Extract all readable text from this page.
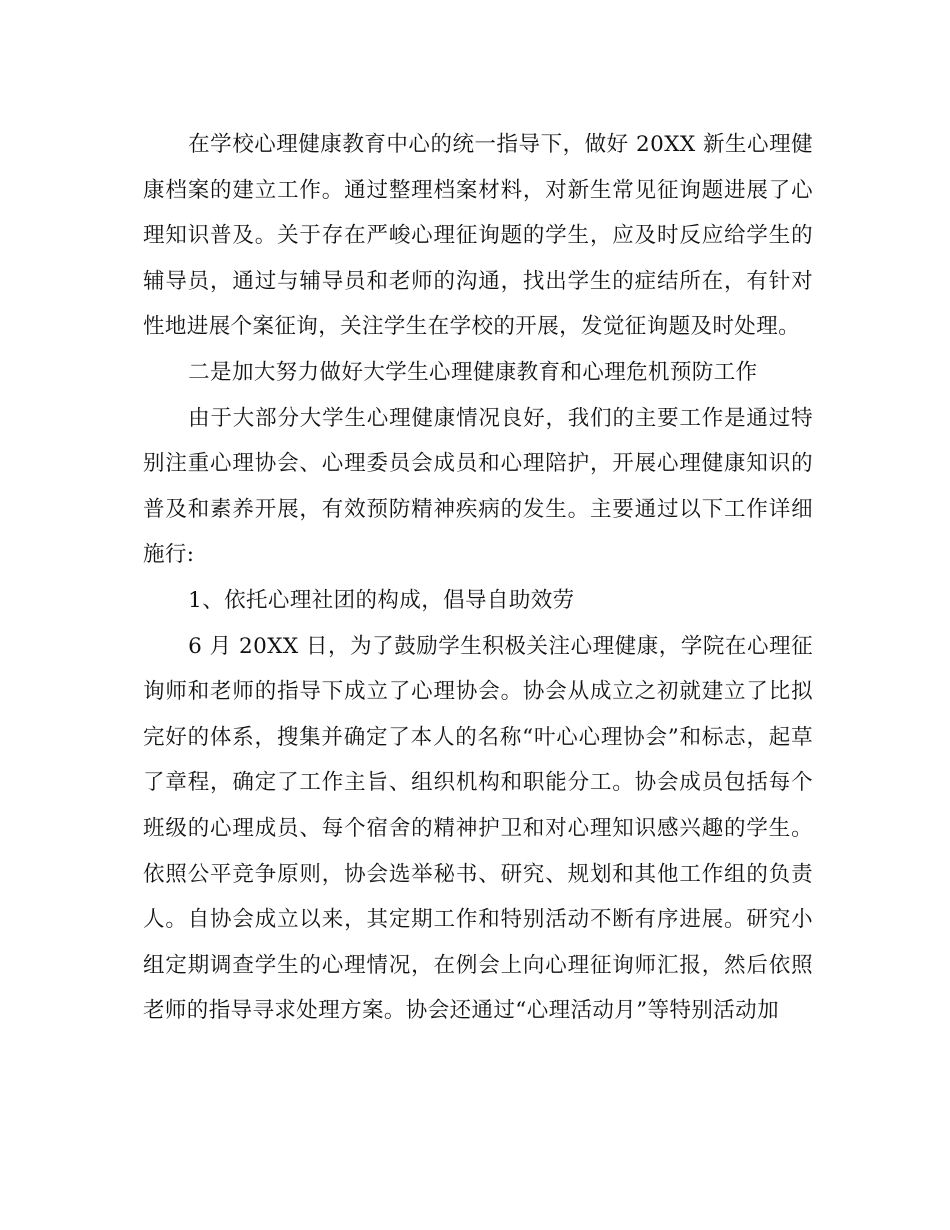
在学校心理健康教育中心的统一指导下，做好 20XX 新生心理健康档案的建立工作。通过整理档案材料，对新生常见征询题进展了心理知识普及。关于存在严峻心理征询题的学生，应及时反应给学生的辅导员，通过与辅导员和老师的沟通，找出学生的症结所在，有针对性地进展个案征询，关注学生在学校的开展，发觉征询题及时处理。

二是加大努力做好大学生心理健康教育和心理危机预防工作

由于大部分大学生心理健康情况良好，我们的主要工作是通过特别注重心理协会、心理委员会成员和心理陪护，开展心理健康知识的普及和素养开展，有效预防精神疾病的发生。主要通过以下工作详细施行:

1、依托心理社团的构成，倡导自助效劳

6 月 20XX 日，为了鼓励学生积极关注心理健康，学院在心理征询师和老师的指导下成立了心理协会。协会从成立之初就建立了比拟完好的体系，搜集并确定了本人的名称“叶心心理协会”和标志，起草了章程，确定了工作主旨、组织机构和职能分工。协会成员包括每个班级的心理成员、每个宿舍的精神护卫和对心理知识感兴趣的学生。依照公平竞争原则，协会选举秘书、研究、规划和其他工作组的负责人。自协会成立以来，其定期工作和特别活动不断有序进展。研究小组定期调查学生的心理情况，在例会上向心理征询师汇报，然后依照老师的指导寻求处理方案。协会还通过“心理活动月”等特别活动加
